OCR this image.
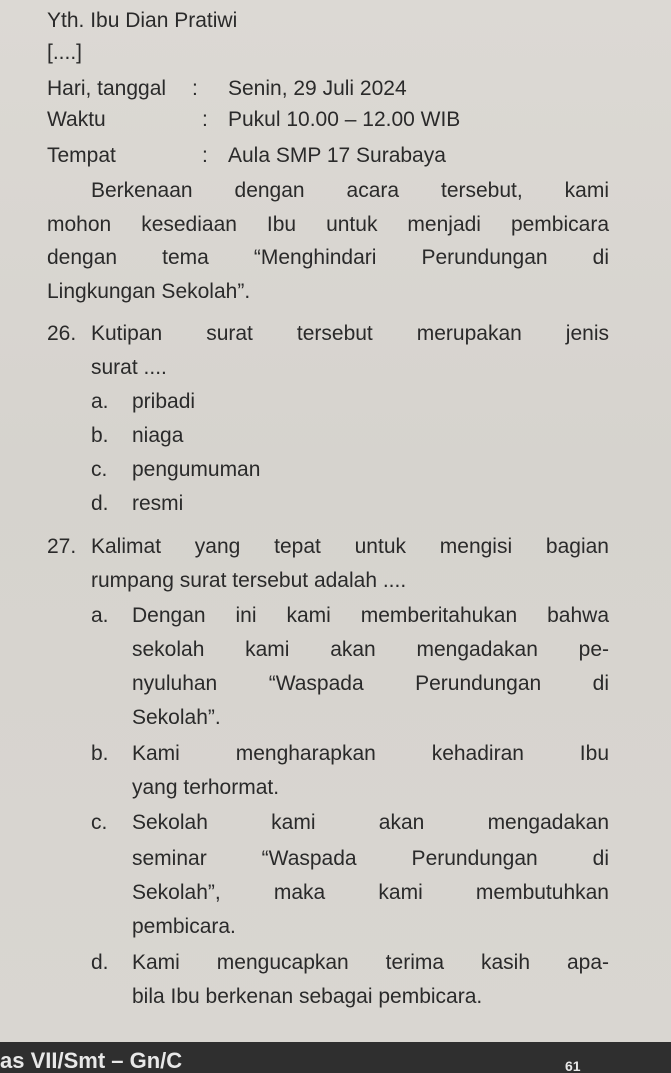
Yth. Ibu Dian Pratiwi
[....]
Hari, tanggal : Senin, 29 Juli 2024
Waktu	: Pukul 10.00 – 12.00 WIB
Tempat	: Aula SMP 17 Surabaya
Berkenaan dengan acara tersebut, kami
mohon kesediaan Ibu untuk menjadi pembicara
dengan tema “Menghindari Perundungan di
Lingkungan Sekolah”.
26. Kutipan surat tersebut merupakan jenis
surat ....
a. pribadi
b. niaga
c. pengumuman
d. resmi
27. Kalimat yang tepat untuk mengisi bagian
rumpang surat tersebut adalah ....
a. Dengan ini kami memberitahukan bahwa
sekolah kami akan mengadakan pe-
nyuluhan “Waspada Perundungan di
Sekolah”.
b. Kami mengharapkan kehadiran Ibu
yang terhormat.
c. Sekolah kami akan mengadakan
seminar “Waspada Perundungan di
Sekolah”, maka kami membutuhkan
pembicara.
d. Kami mengucapkan terima kasih apa-
bila Ibu berkenan sebagai pembicara.
as VII/Smt – Gn/C	61
